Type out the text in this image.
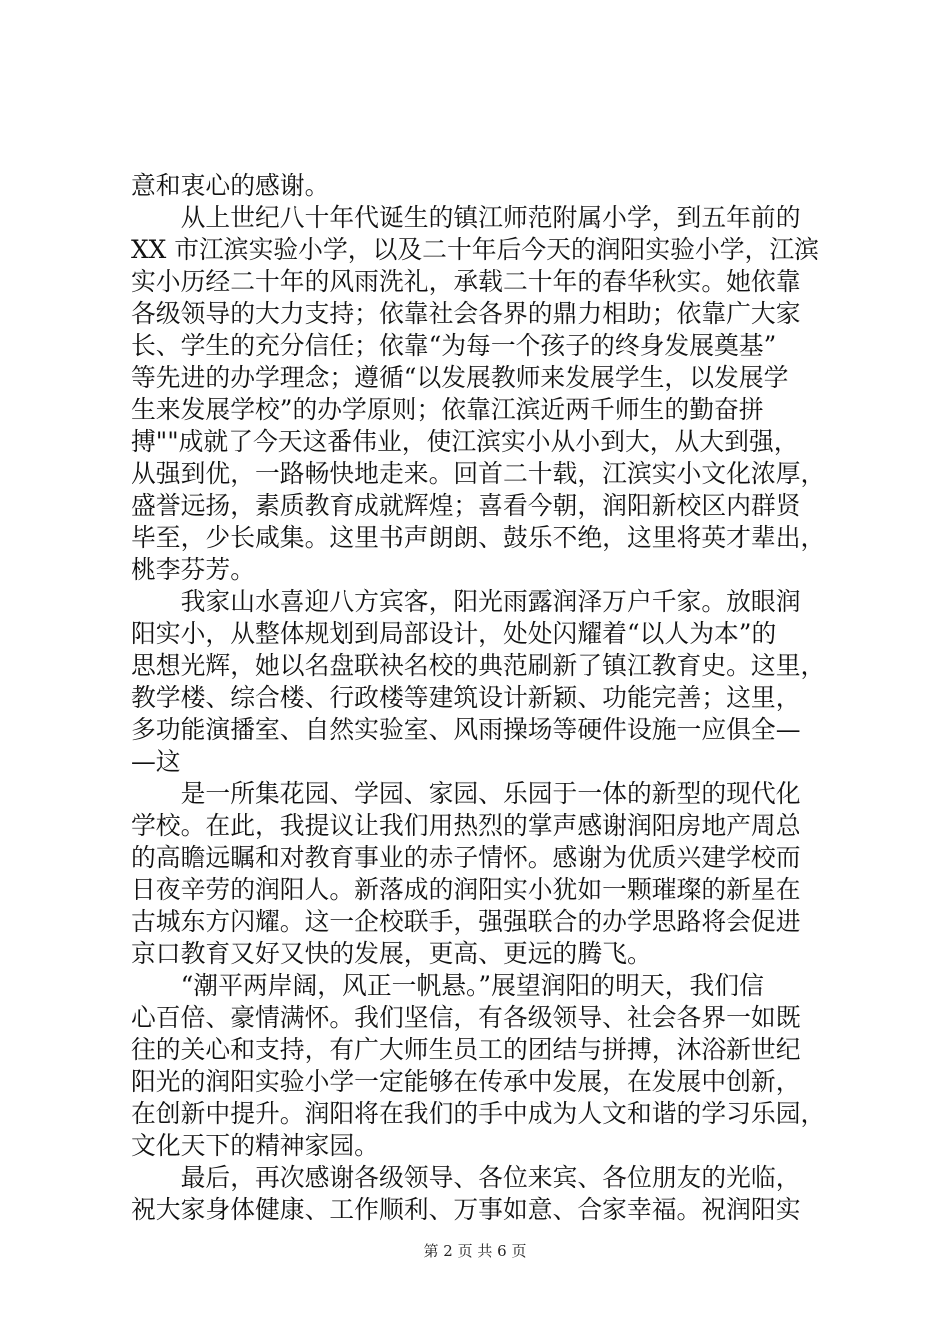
意和衷心的感谢。
　　从上世纪八十年代诞生的镇江师范附属小学，到五年前的
XX 市江滨实验小学，以及二十年后今天的润阳实验小学，江滨
实小历经二十年的风雨洗礼，承载二十年的春华秋实。她依靠
各级领导的大力支持；依靠社会各界的鼎力相助；依靠广大家
长、学生的充分信任；依靠“为每一个孩子的终身发展奠基”
等先进的办学理念；遵循“以发展教师来发展学生，以发展学
生来发展学校”的办学原则；依靠江滨近两千师生的勤奋拼
搏""成就了今天这番伟业，使江滨实小从小到大，从大到强，
从强到优，一路畅快地走来。回首二十载，江滨实小文化浓厚，
盛誉远扬，素质教育成就辉煌；喜看今朝，润阳新校区内群贤
毕至，少长咸集。这里书声朗朗、鼓乐不绝，这里将英才辈出，
桃李芬芳。
　　我家山水喜迎八方宾客，阳光雨露润泽万户千家。放眼润
阳实小，从整体规划到局部设计，处处闪耀着“以人为本”的
思想光辉，她以名盘联袂名校的典范刷新了镇江教育史。这里，
教学楼、综合楼、行政楼等建筑设计新颖、功能完善；这里，
多功能演播室、自然实验室、风雨操场等硬件设施一应俱全—
—这
　　是一所集花园、学园、家园、乐园于一体的新型的现代化
学校。在此，我提议让我们用热烈的掌声感谢润阳房地产周总
的高瞻远瞩和对教育事业的赤子情怀。感谢为优质兴建学校而
日夜辛劳的润阳人。新落成的润阳实小犹如一颗璀璨的新星在
古城东方闪耀。这一企校联手，强强联合的办学思路将会促进
京口教育又好又快的发展，更高、更远的腾飞。
　　“潮平两岸阔，风正一帆悬。”展望润阳的明天，我们信
心百倍、豪情满怀。我们坚信，有各级领导、社会各界一如既
往的关心和支持，有广大师生员工的团结与拼搏，沐浴新世纪
阳光的润阳实验小学一定能够在传承中发展，在发展中创新，
在创新中提升。润阳将在我们的手中成为人文和谐的学习乐园，
文化天下的精神家园。
　　最后，再次感谢各级领导、各位来宾、各位朋友的光临，
祝大家身体健康、工作顺利、万事如意、合家幸福。祝润阳实
第 2 页 共 6 页
